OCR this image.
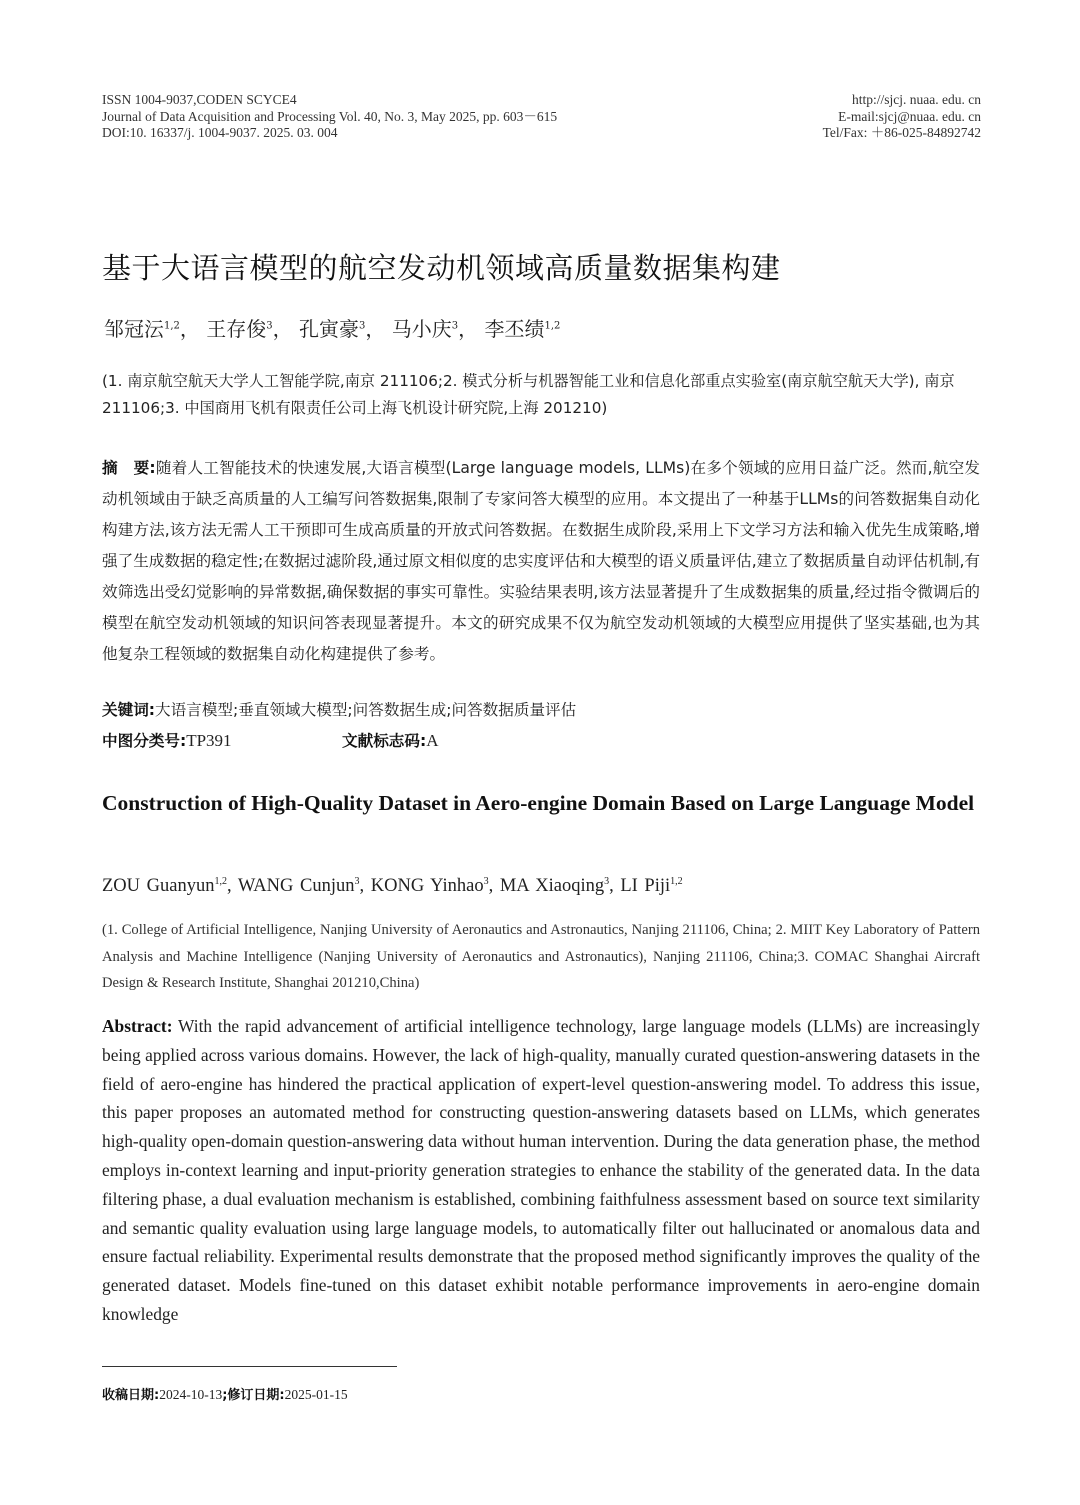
ISSN 1004-9037,CODEN SCYCE4
Journal of Data Acquisition and Processing Vol. 40, No. 3, May 2025, pp. 603－615
DOI:10. 16337/j. 1004-9037. 2025. 03. 004
http://sjcj. nuaa. edu. cn
E-mail:sjcj@nuaa. edu. cn
Tel/Fax: ＋86-025-84892742
基于大语言模型的航空发动机领域高质量数据集构建
邹冠沄$^{1,2}$， 王存俊$^3$， 孔寅豪$^3$， 马小庆$^3$， 李丕绩$^{1,2}$
(1. 南京航空航天大学人工智能学院,南京 211106;2. 模式分析与机器智能工业和信息化部重点实验室(南京航空航天大学), 南京 211106;3. 中国商用飞机有限责任公司上海飞机设计研究院,上海 201210)
摘　要:随着人工智能技术的快速发展,大语言模型(Large language models, LLMs)在多个领域的应用日益广泛。然而,航空发动机领域由于缺乏高质量的人工编写问答数据集,限制了专家问答大模型的应用。本文提出了一种基于LLMs的问答数据集自动化构建方法,该方法无需人工干预即可生成高质量的开放式问答数据。在数据生成阶段,采用上下文学习方法和输入优先生成策略,增强了生成数据的稳定性;在数据过滤阶段,通过原文相似度的忠实度评估和大模型的语义质量评估,建立了数据质量自动评估机制,有效筛选出受幻觉影响的异常数据,确保数据的事实可靠性。实验结果表明,该方法显著提升了生成数据集的质量,经过指令微调后的模型在航空发动机领域的知识问答表现显著提升。本文的研究成果不仅为航空发动机领域的大模型应用提供了坚实基础,也为其他复杂工程领域的数据集自动化构建提供了参考。
关键词:大语言模型;垂直领域大模型;问答数据生成;问答数据质量评估
中图分类号:TP391	文献标志码:A
Construction of High-Quality Dataset in Aero-engine Domain Based on Large Language Model
ZOU Guanyun$^{1,2}$, WANG Cunjun$^3$, KONG Yinhao$^3$, MA Xiaoqing$^3$, LI Piji$^{1,2}$
(1. College of Artificial Intelligence, Nanjing University of Aeronautics and Astronautics, Nanjing 211106, China; 2. MIIT Key Laboratory of Pattern Analysis and Machine Intelligence (Nanjing University of Aeronautics and Astronautics), Nanjing 211106, China;3. COMAC Shanghai Aircraft Design & Research Institute, Shanghai 201210,China)
Abstract: With the rapid advancement of artificial intelligence technology, large language models (LLMs) are increasingly being applied across various domains. However, the lack of high-quality, manually curated question-answering datasets in the field of aero-engine has hindered the practical application of expert-level question-answering model. To address this issue, this paper proposes an automated method for constructing question-answering datasets based on LLMs, which generates high-quality open-domain question-answering data without human intervention. During the data generation phase, the method employs in-context learning and input-priority generation strategies to enhance the stability of the generated data. In the data filtering phase, a dual evaluation mechanism is established, combining faithfulness assessment based on source text similarity and semantic quality evaluation using large language models, to automatically filter out hallucinated or anomalous data and ensure factual reliability. Experimental results demonstrate that the proposed method significantly improves the quality of the generated dataset. Models fine-tuned on this dataset exhibit notable performance improvements in aero-engine domain knowledge
收稿日期:2024-10-13;修订日期:2025-01-15
